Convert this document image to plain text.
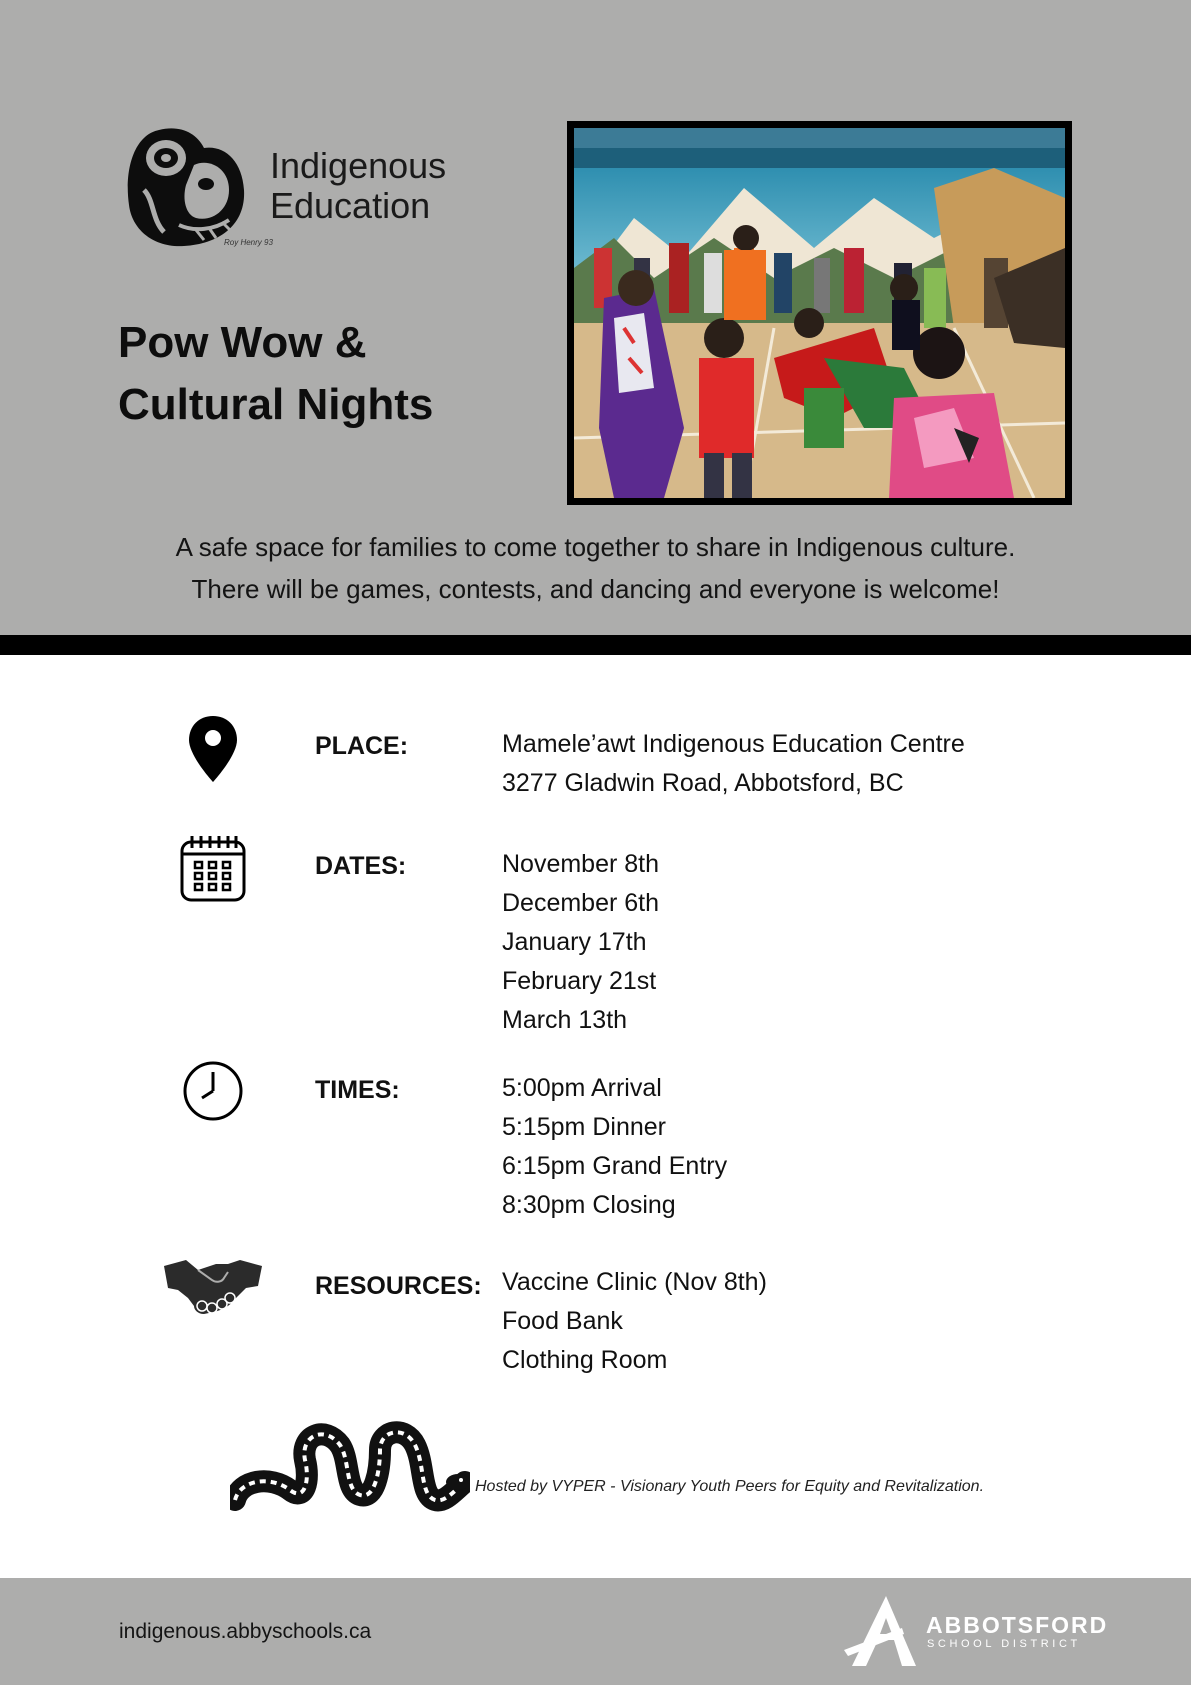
Indigenous
Education
Roy Henry 93
Pow Wow &
Cultural Nights
A safe space for families to come together to share in Indigenous culture.
There will be games, contests, and dancing and everyone is welcome!
PLACE:	Mamele’awt Indigenous Education Centre
3277 Gladwin Road, Abbotsford, BC
DATES:	November 8th
December 6th
January 17th
February 21st
March 13th
TIMES:	5:00pm Arrival
5:15pm Dinner
6:15pm Grand Entry
8:30pm Closing
RESOURCES: Vaccine Clinic (Nov 8th)
Food Bank
Clothing Room
Hosted by VYPER - Visionary Youth Peers for Equity and Revitalization.
indigenous.abbyschools.ca	ABBOTSFORD
SCHOOL DISTRICT
